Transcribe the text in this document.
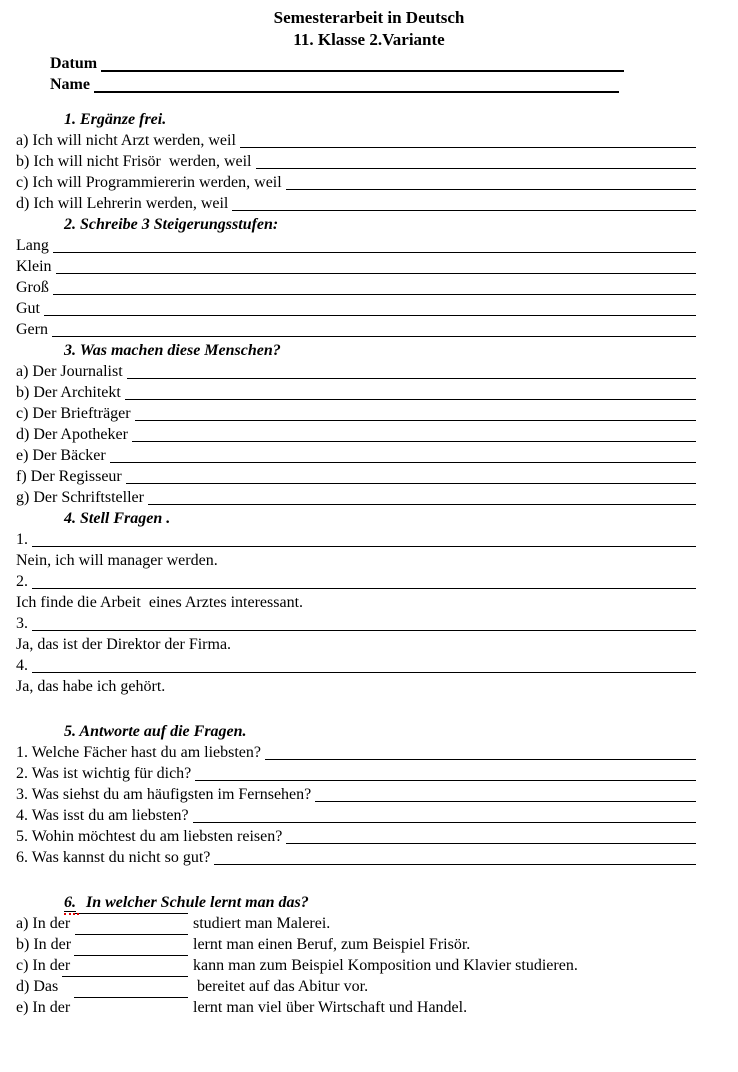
Semesterarbeit in Deutsch
11. Klasse 2.Variante
Datum
Name
1. Ergänze frei.
a) Ich will nicht Arzt werden, weil
b) Ich will nicht Frisör  werden, weil
c) Ich will Programmiererin werden, weil
d) Ich will Lehrerin werden, weil
2. Schreibe 3 Steigerungsstufen:
Lang
Klein
Groß
Gut
Gern
3. Was machen diese Menschen?
a) Der Journalist
b) Der Architekt
c) Der Briefträger
d) Der Apotheker
e) Der Bäcker
f) Der Regisseur
g) Der Schriftsteller
4. Stell Fragen .
1.
Nein, ich will manager werden.
2.
Ich finde die Arbeit  eines Arztes interessant.
3.
Ja, das ist der Direktor der Firma.
4.
Ja, das habe ich gehört.
5. Antworte auf die Fragen.
1. Welche Fächer hast du am liebsten?
2. Was ist wichtig für dich?
3. Was siehst du am häufigsten im Fernsehen?
4. Was isst du am liebsten?
5. Wohin möchtest du am liebsten reisen?
6. Was kannst du nicht so gut?
6. In welcher Schule lernt man das?
a) In der	studiert man Malerei.
b) In der	lernt man einen Beruf, zum Beispiel Frisör.
c) In der	kann man zum Beispiel Komposition und Klavier studieren.
d) Das	bereitet auf das Abitur vor.
e) In der	lernt man viel über Wirtschaft und Handel.
